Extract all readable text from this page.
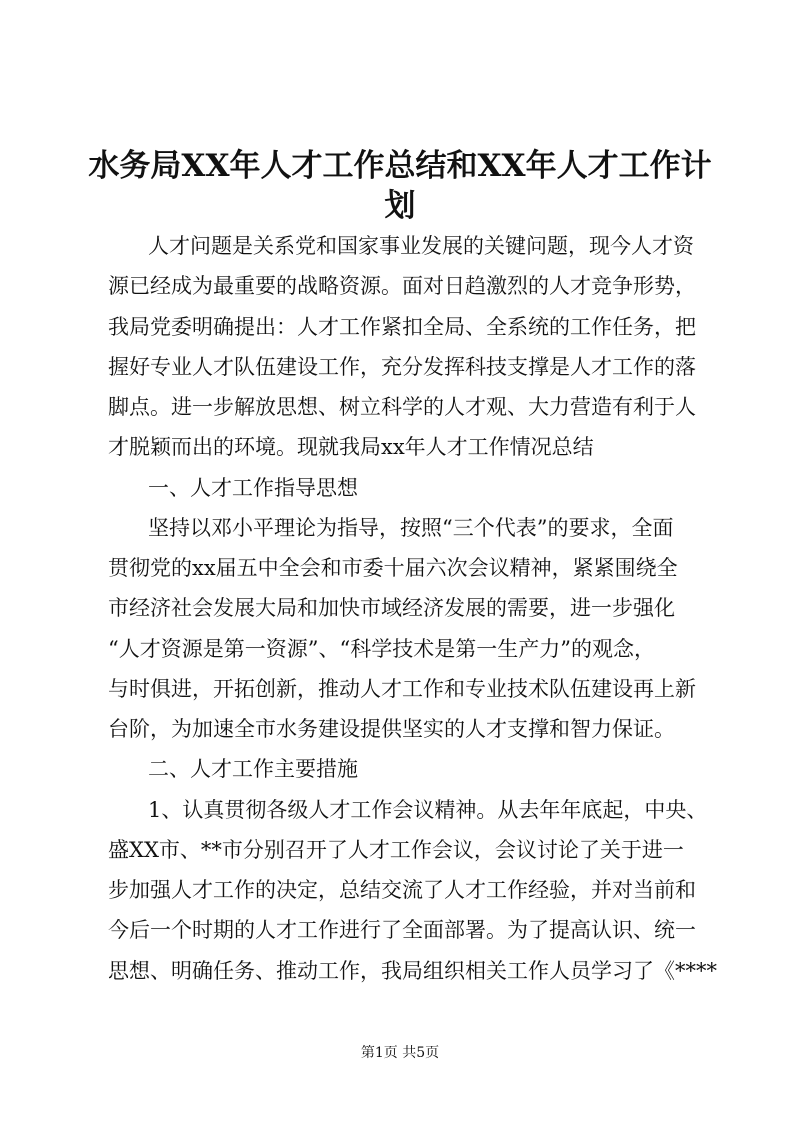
水务局XX年人才工作总结和XX年人才工作计
划
人才问题是关系党和国家事业发展的关键问题，现今人才资
源已经成为最重要的战略资源。面对日趋激烈的人才竞争形势，
我局党委明确提出：人才工作紧扣全局、全系统的工作任务，把
握好专业人才队伍建设工作，充分发挥科技支撑是人才工作的落
脚点。进一步解放思想、树立科学的人才观、大力营造有利于人
才脱颖而出的环境。现就我局xx年人才工作情况总结
一、人才工作指导思想
坚持以邓小平理论为指导，按照“三个代表”的要求，全面
贯彻党的xx届五中全会和市委十届六次会议精神，紧紧围绕全
市经济社会发展大局和加快市域经济发展的需要，进一步强化
“人才资源是第一资源”、“科学技术是第一生产力”的观念，
与时俱进，开拓创新，推动人才工作和专业技术队伍建设再上新
台阶，为加速全市水务建设提供坚实的人才支撑和智力保证。
二、人才工作主要措施
1、认真贯彻各级人才工作会议精神。从去年年底起，中央、
盛XX市、**市分别召开了人才工作会议，会议讨论了关于进一
步加强人才工作的决定，总结交流了人才工作经验，并对当前和
今后一个时期的人才工作进行了全面部署。为了提高认识、统一
思想、明确任务、推动工作，我局组织相关工作人员学习了《****
第1页 共5页
